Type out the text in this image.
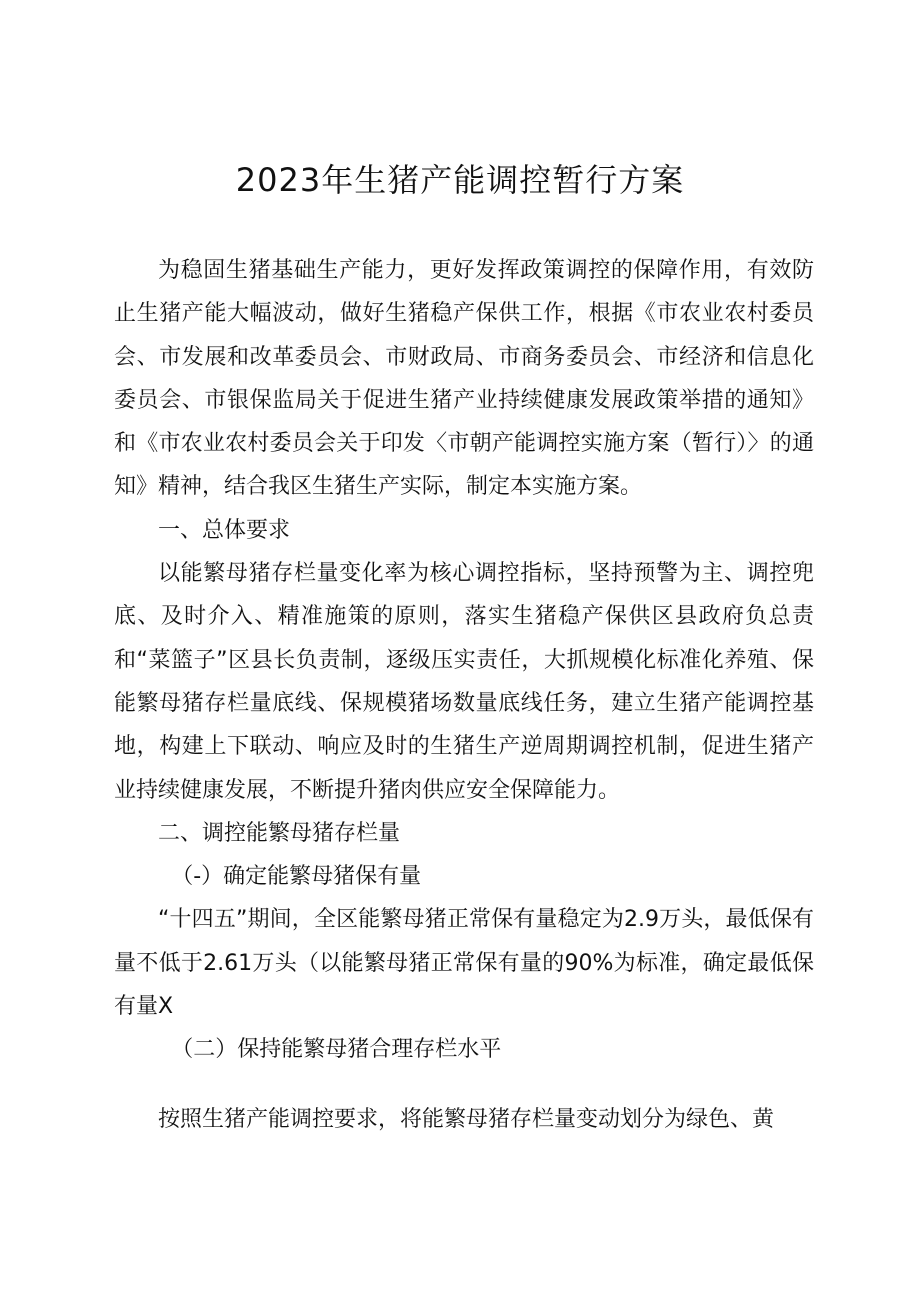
2023年生猪产能调控暂行方案

为稳固生猪基础生产能力，更好发挥政策调控的保障作用，有效防止生猪产能大幅波动，做好生猪稳产保供工作，根据《市农业农村委员会、市发展和改革委员会、市财政局、市商务委员会、市经济和信息化委员会、市银保监局关于促进生猪产业持续健康发展政策举措的通知》和《市农业农村委员会关于印发〈市朝产能调控实施方案（暂行）〉的通知》精神，结合我区生猪生产实际，制定本实施方案。

一、总体要求

以能繁母猪存栏量变化率为核心调控指标，坚持预警为主、调控兜底、及时介入、精准施策的原则，落实生猪稳产保供区县政府负总责和“菜篮子”区县长负责制，逐级压实责任，大抓规模化标准化养殖、保能繁母猪存栏量底线、保规模猪场数量底线任务，建立生猪产能调控基地，构建上下联动、响应及时的生猪生产逆周期调控机制，促进生猪产业持续健康发展，不断提升猪肉供应安全保障能力。

二、调控能繁母猪存栏量

（-）确定能繁母猪保有量

“十四五”期间，全区能繁母猪正常保有量稳定为2.9万头，最低保有量不低于2.61万头（以能繁母猪正常保有量的90%为标准，确定最低保有量X

（二）保持能繁母猪合理存栏水平

按照生猪产能调控要求，将能繁母猪存栏量变动划分为绿色、黄
